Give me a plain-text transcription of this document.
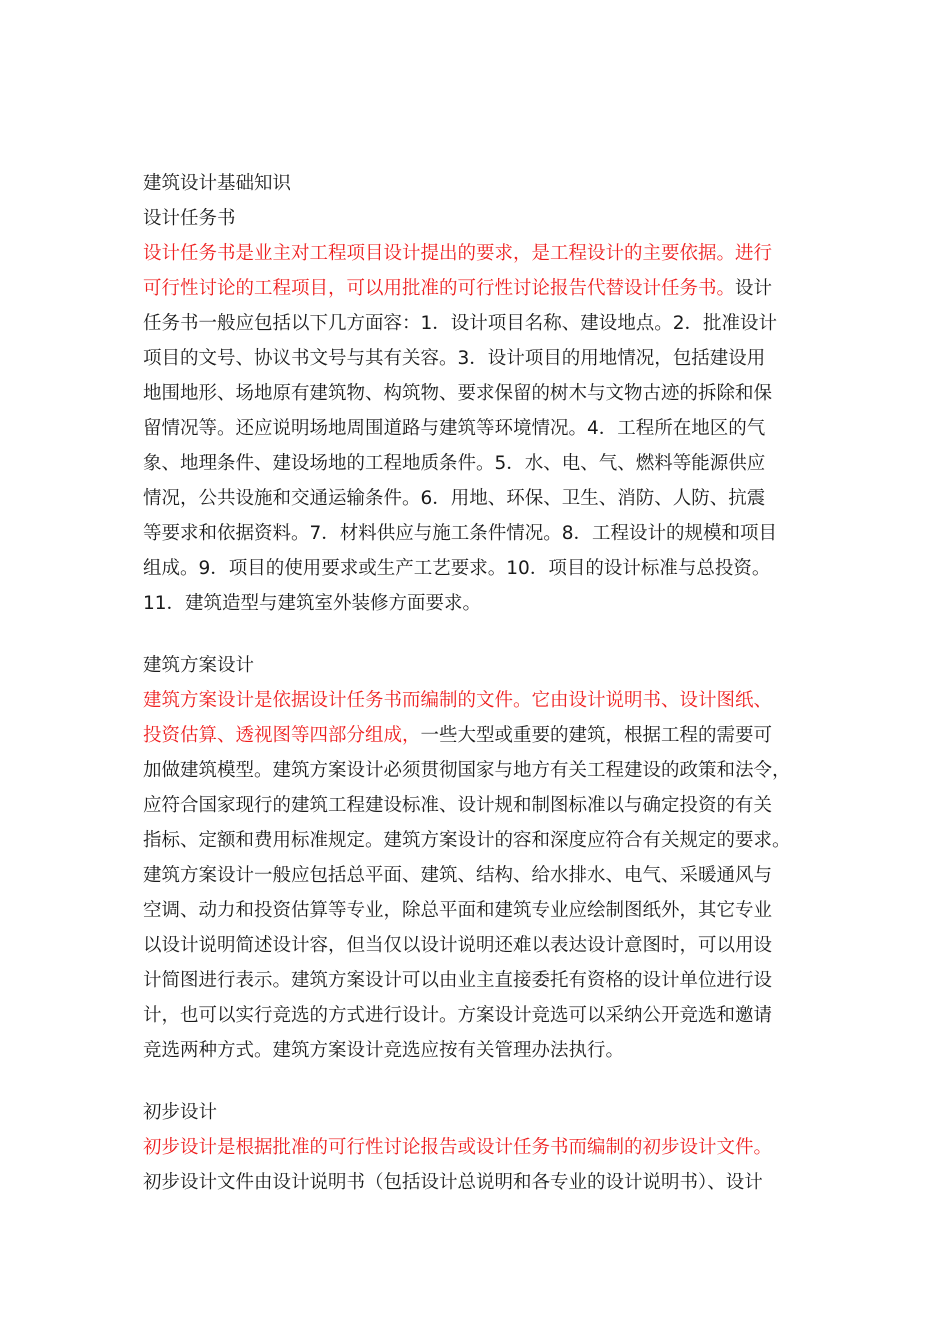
建筑设计基础知识
设计任务书
设计任务书是业主对工程项目设计提出的要求，是工程设计的主要依据。进行
可行性讨论的工程项目，可以用批准的可行性讨论报告代替设计任务书。设计
任务书一般应包括以下几方面容：1．设计项目名称、建设地点。2．批准设计
项目的文号、协议书文号与其有关容。3．设计项目的用地情况，包括建设用
地围地形、场地原有建筑物、构筑物、要求保留的树木与文物古迹的拆除和保
留情况等。还应说明场地周围道路与建筑等环境情况。4．工程所在地区的气
象、地理条件、建设场地的工程地质条件。5．水、电、气、燃料等能源供应
情况，公共设施和交通运输条件。6．用地、环保、卫生、消防、人防、抗震
等要求和依据资料。7．材料供应与施工条件情况。8．工程设计的规模和项目
组成。9．项目的使用要求或生产工艺要求。10．项目的设计标准与总投资。
11．建筑造型与建筑室外装修方面要求。
建筑方案设计
建筑方案设计是依据设计任务书而编制的文件。它由设计说明书、设计图纸、
投资估算、透视图等四部分组成，一些大型或重要的建筑，根据工程的需要可
加做建筑模型。建筑方案设计必须贯彻国家与地方有关工程建设的政策和法令，
应符合国家现行的建筑工程建设标准、设计规和制图标准以与确定投资的有关
指标、定额和费用标准规定。建筑方案设计的容和深度应符合有关规定的要求。
建筑方案设计一般应包括总平面、建筑、结构、给水排水、电气、采暖通风与
空调、动力和投资估算等专业，除总平面和建筑专业应绘制图纸外，其它专业
以设计说明简述设计容，但当仅以设计说明还难以表达设计意图时，可以用设
计简图进行表示。建筑方案设计可以由业主直接委托有资格的设计单位进行设
计，也可以实行竞选的方式进行设计。方案设计竞选可以采纳公开竞选和邀请
竞选两种方式。建筑方案设计竞选应按有关管理办法执行。
初步设计
初步设计是根据批准的可行性讨论报告或设计任务书而编制的初步设计文件。
初步设计文件由设计说明书（包括设计总说明和各专业的设计说明书）、设计
